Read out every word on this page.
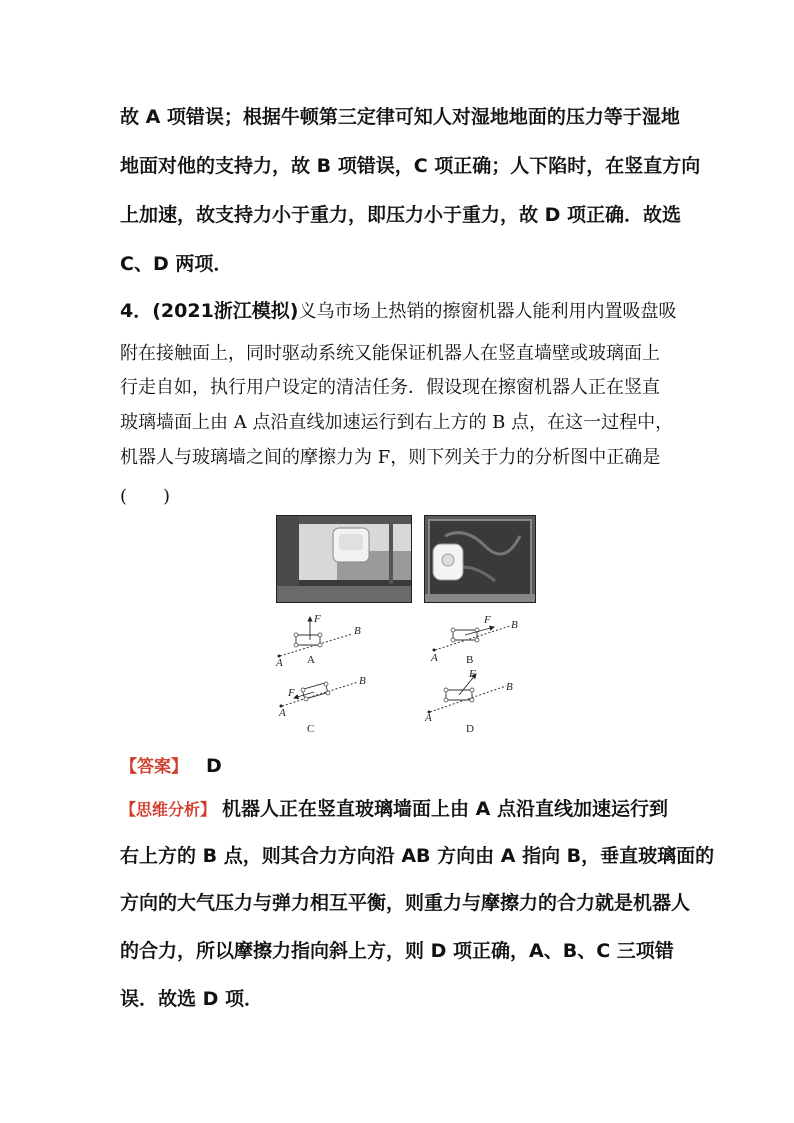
故 A 项错误；根据牛顿第三定律可知人对湿地地面的压力等于湿地
地面对他的支持力，故 B 项错误，C 项正确；人下陷时，在竖直方向
上加速，故支持力小于重力，即压力小于重力，故 D 项正确．故选
C、D 两项．
4．(2021浙江模拟)义乌市场上热销的擦窗机器人能利用内置吸盘吸
附在接触面上，同时驱动系统又能保证机器人在竖直墙壁或玻璃面上
行走自如，执行用户设定的清洁任务．假设现在擦窗机器人正在竖直
玻璃墙面上由 A 点沿直线加速运行到右上方的 B 点，在这一过程中，
机器人与玻璃墙之间的摩擦力为 F，则下列关于力的分析图中正确是
(　　)
F
A
B
A
F
A
B
B
F
A
B
C
F
A
B
D
【答案】 D
【思维分析】 机器人正在竖直玻璃墙面上由 A 点沿直线加速运行到
右上方的 B 点，则其合力方向沿 AB 方向由 A 指向 B，垂直玻璃面的
方向的大气压力与弹力相互平衡，则重力与摩擦力的合力就是机器人
的合力，所以摩擦力指向斜上方，则 D 项正确，A、B、C 三项错
误．故选 D 项．
